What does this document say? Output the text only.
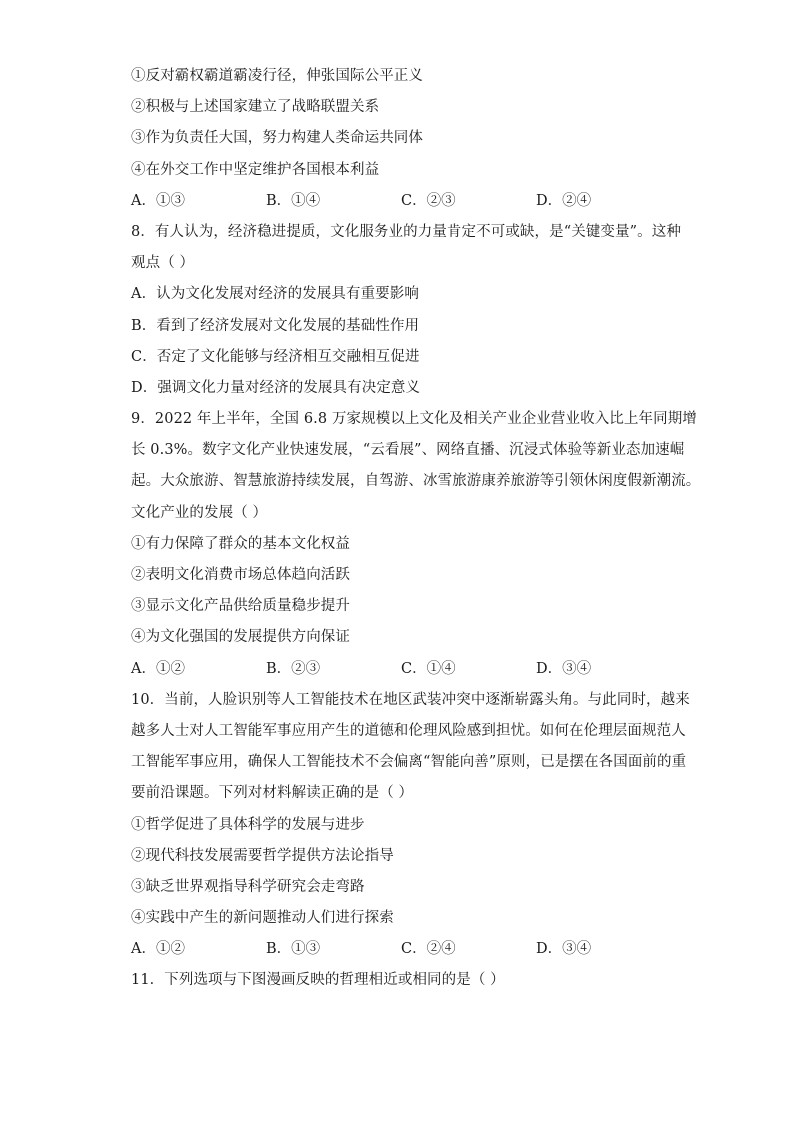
①反对霸权霸道霸凌行径，伸张国际公平正义
②积极与上述国家建立了战略联盟关系
③作为负责任大国，努力构建人类命运共同体
④在外交工作中坚定维护各国根本利益
A．①③	B．①④	C．②③	D．②④
8．有人认为，经济稳进提质，文化服务业的力量肯定不可或缺，是“关键变量”。这种
观点（ ）
A．认为文化发展对经济的发展具有重要影响
B．看到了经济发展对文化发展的基础性作用
C．否定了文化能够与经济相互交融相互促进
D．强调文化力量对经济的发展具有决定意义
9．2022 年上半年，全国 6.8 万家规模以上文化及相关产业企业营业收入比上年同期增
长 0.3%。数字文化产业快速发展，“云看展”、网络直播、沉浸式体验等新业态加速崛
起。大众旅游、智慧旅游持续发展，自驾游、冰雪旅游康养旅游等引领休闲度假新潮流。
文化产业的发展（ ）
①有力保障了群众的基本文化权益
②表明文化消费市场总体趋向活跃
③显示文化产品供给质量稳步提升
④为文化强国的发展提供方向保证
A．①②	B．②③	C．①④	D．③④
10．当前，人脸识别等人工智能技术在地区武装冲突中逐渐崭露头角。与此同时，越来
越多人士对人工智能军事应用产生的道德和伦理风险感到担忧。如何在伦理层面规范人
工智能军事应用，确保人工智能技术不会偏离“智能向善”原则，已是摆在各国面前的重
要前沿课题。下列对材料解读正确的是（ ）
①哲学促进了具体科学的发展与进步
②现代科技发展需要哲学提供方法论指导
③缺乏世界观指导科学研究会走弯路
④实践中产生的新问题推动人们进行探索
A．①②	B．①③	C．②④	D．③④
11．下列选项与下图漫画反映的哲理相近或相同的是（ ）
